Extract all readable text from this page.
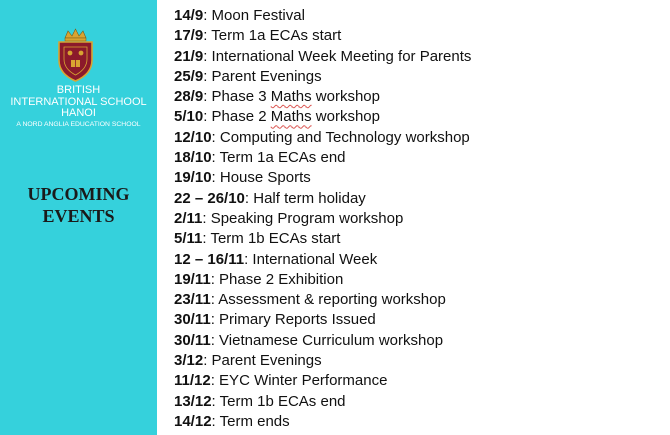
BRITISH
INTERNATIONAL SCHOOL
HANOI
A NORD ANGLIA EDUCATION SCHOOL
UPCOMING
EVENTS
14/9: Moon Festival
17/9: Term 1a ECAs start
21/9: International Week Meeting for Parents
25/9: Parent Evenings
28/9: Phase 3 Maths workshop
5/10: Phase 2 Maths workshop
12/10: Computing and Technology workshop
18/10: Term 1a ECAs end
19/10: House Sports
22 – 26/10: Half term holiday
2/11: Speaking Program workshop
5/11: Term 1b ECAs start
12 – 16/11: International Week
19/11: Phase 2 Exhibition
23/11: Assessment & reporting workshop
30/11: Primary Reports Issued
30/11: Vietnamese Curriculum workshop
3/12: Parent Evenings
11/12: EYC Winter Performance
13/12: Term 1b ECAs end
14/12: Term ends
